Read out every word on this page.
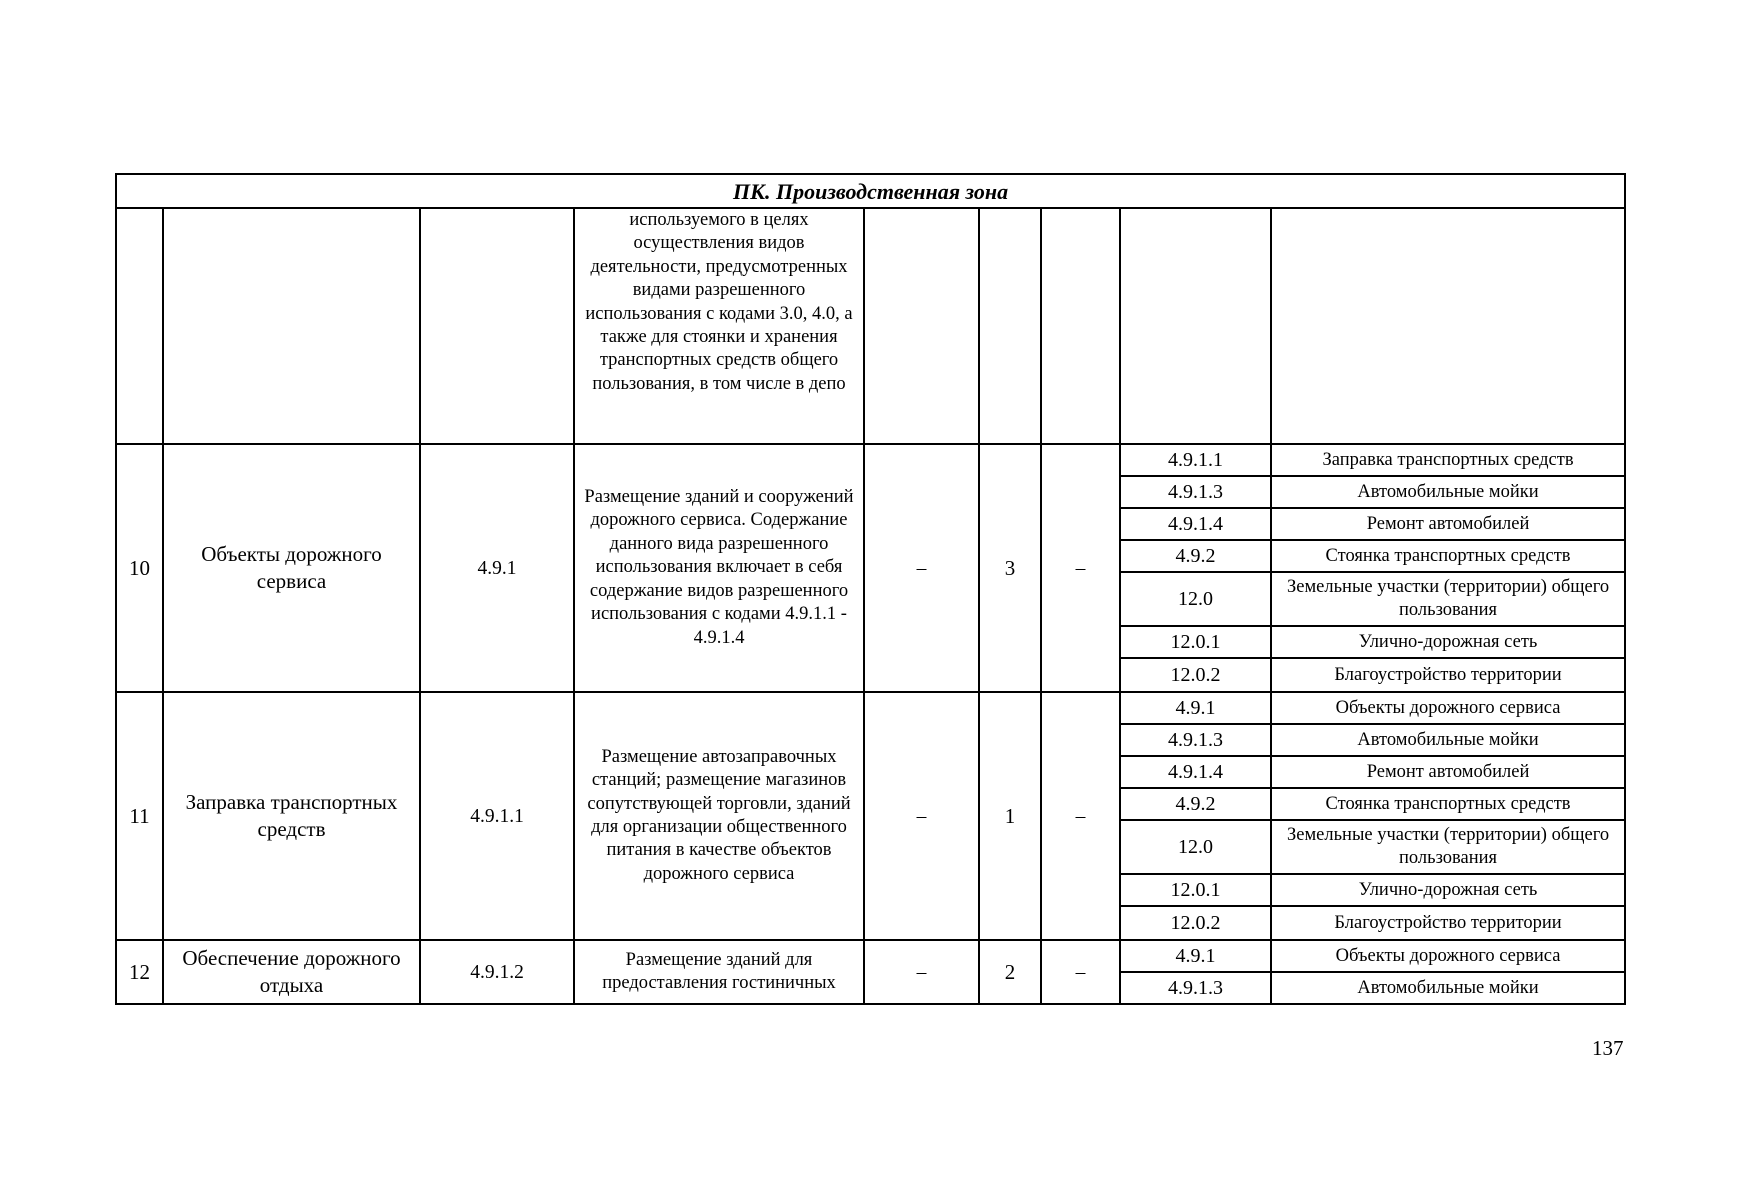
ПК. Производственная зона								
			используемого в целях осуществления видов деятельности, предусмотренных видами разрешенного использования с кодами 3.0, 4.0, а также для стоянки и хранения транспортных средств общего пользования, в том числе в депо					
10	Объекты дорожного сервиса	4.9.1	Размещение зданий и сооружений дорожного сервиса. Содержание данного вида разрешенного использования включает в себя содержание видов разрешенного использования с кодами 4.9.1.1 - 4.9.1.4	–	3	–	4.9.1.1	Заправка транспортных средств
							4.9.1.3	Автомобильные мойки
							4.9.1.4	Ремонт автомобилей
							4.9.2	Стоянка транспортных средств
							12.0	Земельные участки (территории) общего пользования
							12.0.1	Улично-дорожная сеть
							12.0.2	Благоустройство территории
11	Заправка транспортных средств	4.9.1.1	Размещение автозаправочных станций; размещение магазинов сопутствующей торговли, зданий для организации общественного питания в качестве объектов дорожного сервиса	–	1	–	4.9.1	Объекты дорожного сервиса
							4.9.1.3	Автомобильные мойки
							4.9.1.4	Ремонт автомобилей
							4.9.2	Стоянка транспортных средств
							12.0	Земельные участки (территории) общего пользования
							12.0.1	Улично-дорожная сеть
							12.0.2	Благоустройство территории
12	Обеспечение дорожного отдыха	4.9.1.2	Размещение зданий для предоставления гостиничных	–	2	–	4.9.1	Объекты дорожного сервиса
							4.9.1.3	Автомобильные мойки
137
